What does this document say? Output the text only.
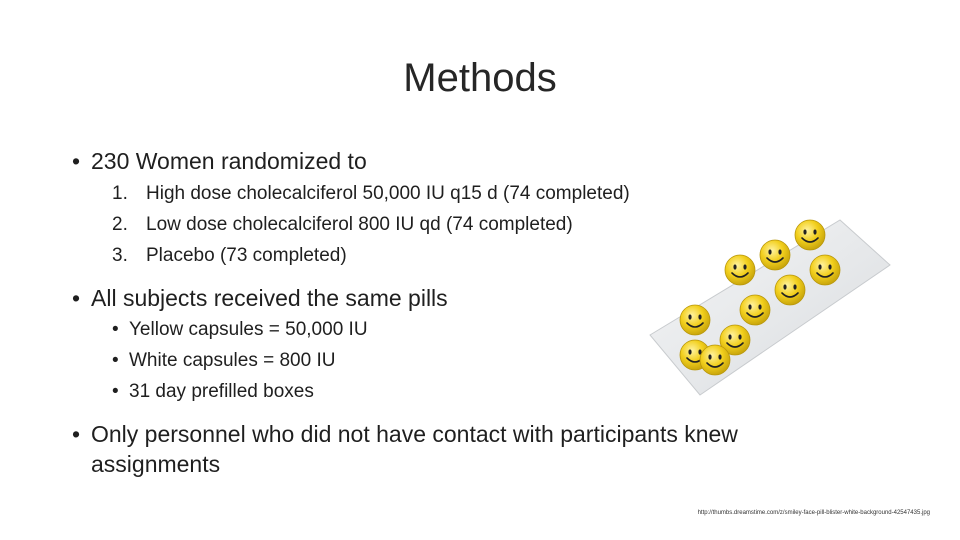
Methods

•
230 Women randomized to

1. High dose cholecalciferol 50,000 IU q15 d (74 completed)
2. Low dose cholecalciferol 800 IU qd (74 completed)
3. Placebo (73 completed)

•
All subjects received the same pills

•
Yellow capsules = 50,000 IU
•
White capsules = 800 IU
•
31 day prefilled boxes

•
Only personnel who did not have contact with participants knew assignments

http://thumbs.dreamstime.com/z/smiley-face-pill-blister-white-background-42547435.jpg
